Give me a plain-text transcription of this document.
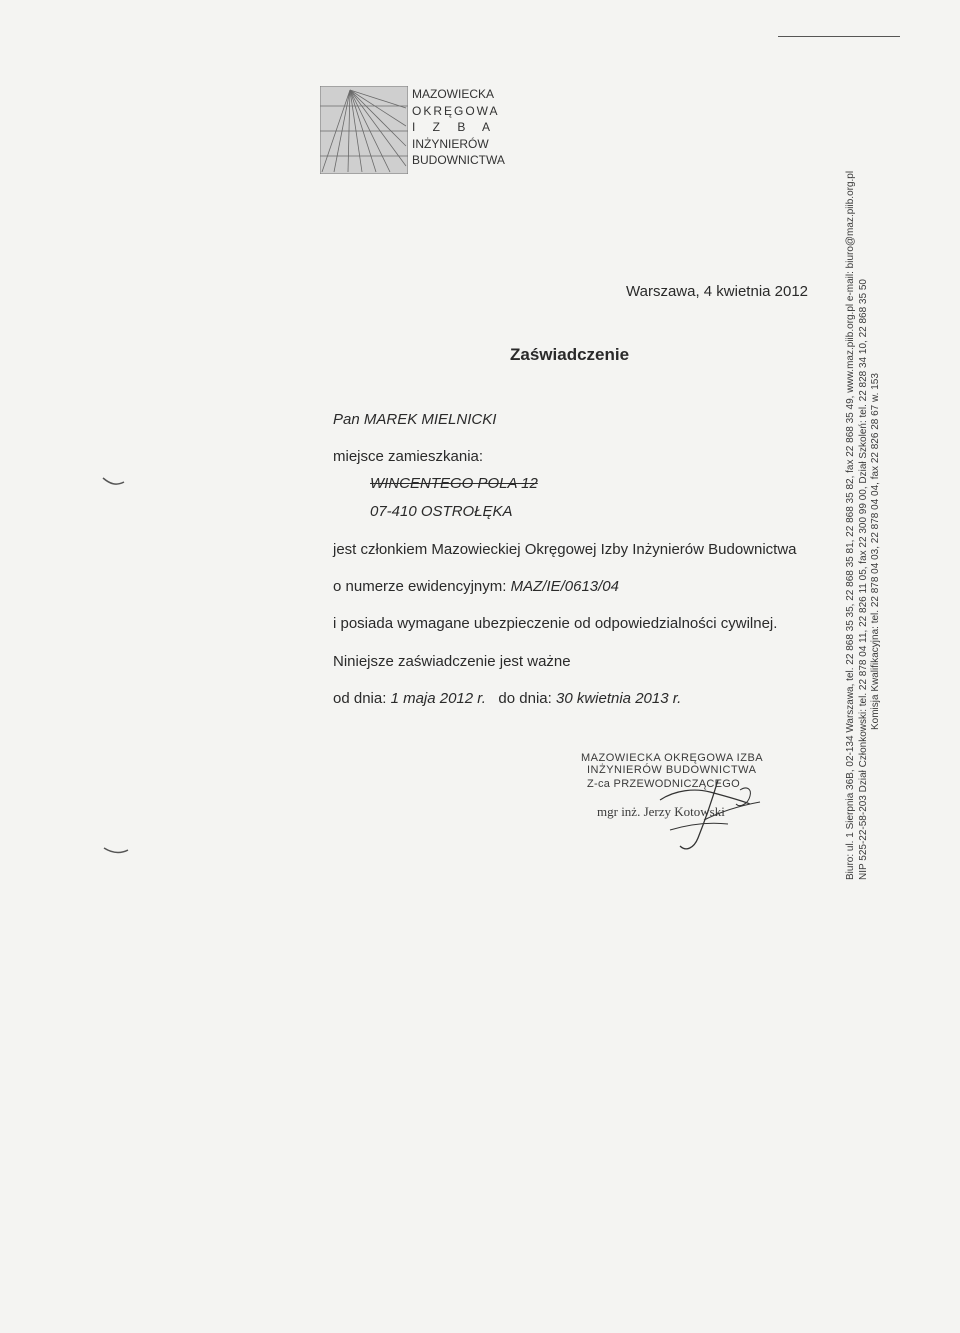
MAZOWIECKA
OKRĘGOWA
I Z B A
INŻYNIERÓW
BUDOWNICTWA
Warszawa, 4 kwietnia 2012
Zaświadczenie
Pan MAREK MIELNICKI
miejsce zamieszkania:
WINCENTEGO POLA 12
07-410 OSTROŁĘKA
jest członkiem Mazowieckiej Okręgowej Izby Inżynierów Budownictwa
o numerze ewidencyjnym: MAZ/IE/0613/04
i posiada wymagane ubezpieczenie od odpowiedzialności cywilnej.
Niniejsze zaświadczenie jest ważne
od dnia: 1 maja 2012 r. do dnia: 30 kwietnia 2013 r.
MAZOWIECKA OKRĘGOWA IZBA
INŻYNIERÓW BUDOWNICTWA
Z-ca PRZEWODNICZĄCEGO
mgr inż. Jerzy Kotowski	Biuro: ul. 1 Sierpnia 36B, 02-134 Warszawa, tel. 22 868 35 35, 22 868 35 81, 22 868 35 82, fax 22 868 35 49, www.maz.piib.org.pl e-mail: biuro@maz.piib.org.pl NIP 525-22-58-203 Dział Członkowski: tel. 22 878 04 11, 22 826 11 05, fax 22 300 99 00, Dział Szkoleń: tel. 22 828 34 10, 22 868 35 50 Komisja Kwalifikacyjna: tel. 22 878 04 03, 22 878 04 04, fax 22 826 28 67 w. 153
